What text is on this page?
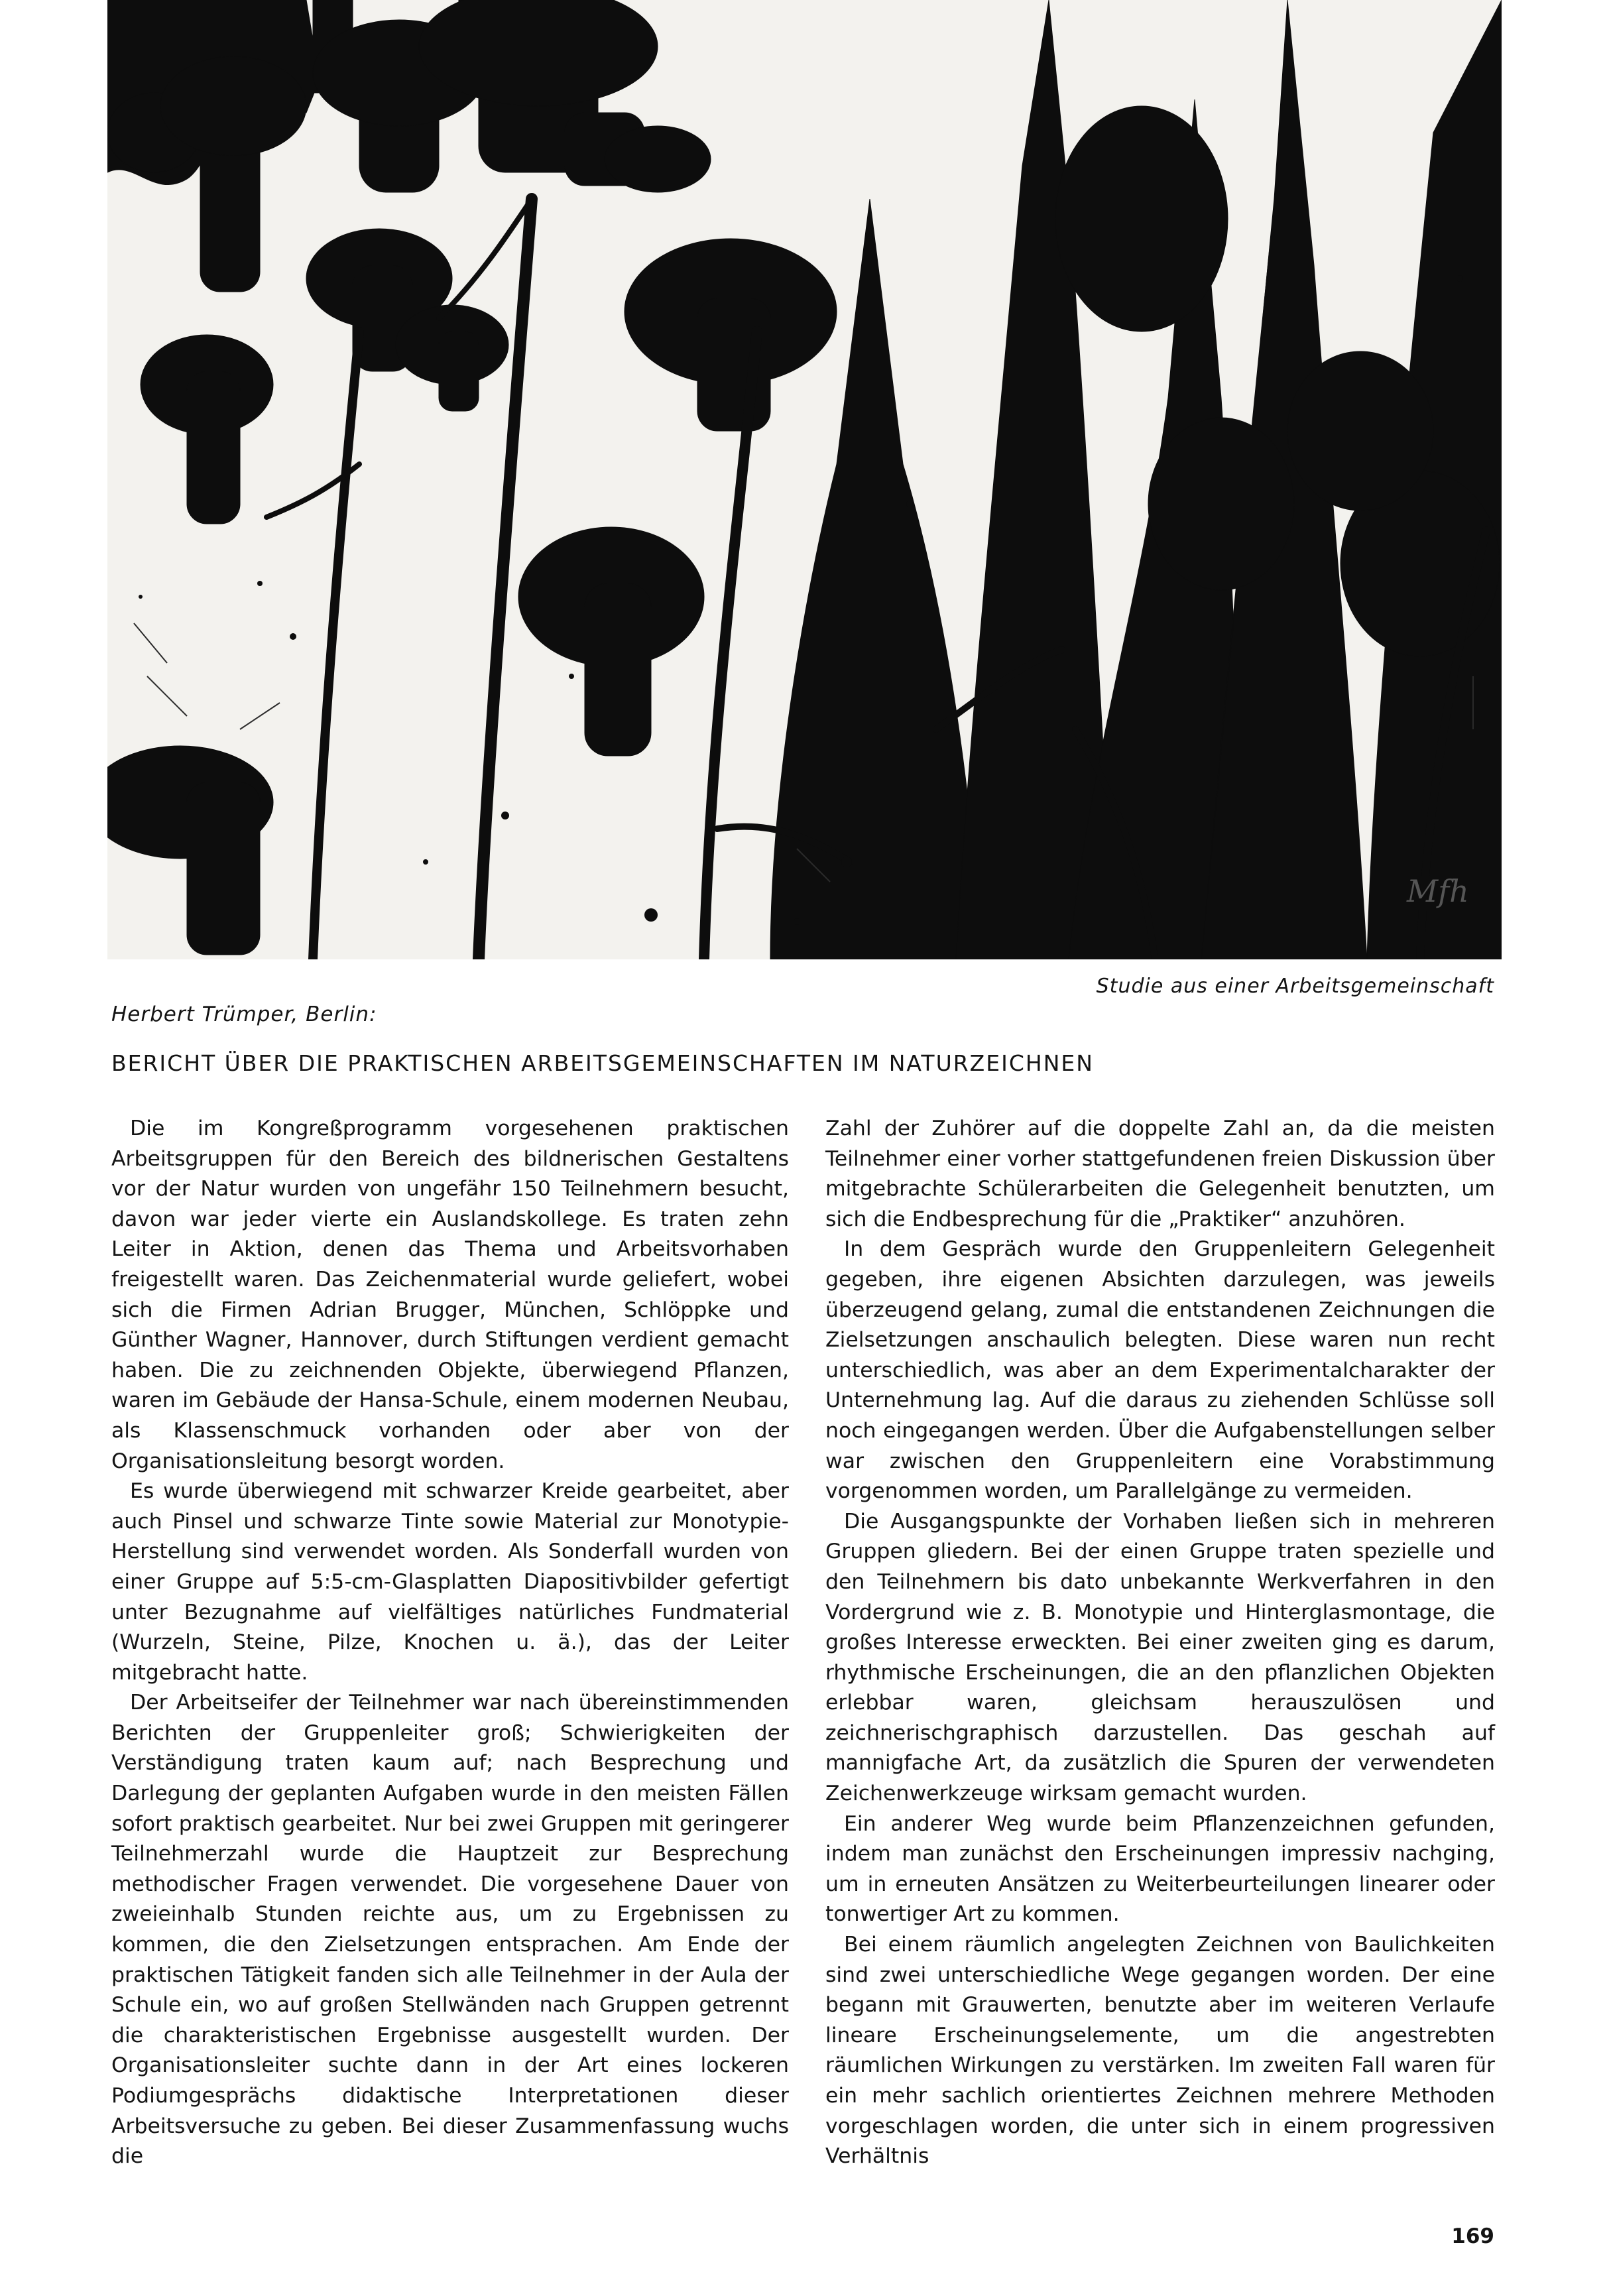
Mfh
Studie aus einer Arbeitsgemeinschaft
Herbert Trümper, Berlin:
BERICHT ÜBER DIE PRAKTISCHEN ARBEITSGEMEINSCHAFTEN IM NATURZEICHNEN

Die im Kongreßprogramm vorgesehenen praktischen Arbeitsgruppen für den Bereich des bildnerischen Gestaltens vor der Natur wurden von ungefähr 150 Teilnehmern besucht, davon war jeder vierte ein Auslandskollege. Es traten zehn Leiter in Aktion, denen das Thema und Arbeitsvorhaben freigestellt waren. Das Zeichenmaterial wurde geliefert, wobei sich die Firmen Adrian Brugger, München, Schlöppke und Günther Wagner, Hannover, durch Stiftungen verdient gemacht haben. Die zu zeichnenden Objekte, überwiegend Pflanzen, waren im Gebäude der Hansa-Schule, einem modernen Neubau, als Klassenschmuck vorhanden oder aber von der Organisationsleitung besorgt worden.

Es wurde überwiegend mit schwarzer Kreide gearbeitet, aber auch Pinsel und schwarze Tinte sowie Material zur Monotypie-Herstellung sind verwendet worden. Als Sonderfall wurden von einer Gruppe auf 5:5-cm-Glasplatten Diapositivbilder gefertigt unter Bezugnahme auf vielfältiges natürliches Fundmaterial (Wurzeln, Steine, Pilze, Knochen u. ä.), das der Leiter mitgebracht hatte.

Der Arbeitseifer der Teilnehmer war nach übereinstimmenden Berichten der Gruppenleiter groß; Schwierigkeiten der Verständigung traten kaum auf; nach Besprechung und Darlegung der geplanten Aufgaben wurde in den meisten Fällen sofort praktisch gearbeitet. Nur bei zwei Gruppen mit geringerer Teilnehmerzahl wurde die Hauptzeit zur Besprechung methodischer Fragen verwendet. Die vorgesehene Dauer von zweieinhalb Stunden reichte aus, um zu Ergebnissen zu kommen, die den Zielsetzungen entsprachen. Am Ende der praktischen Tätigkeit fanden sich alle Teilnehmer in der Aula der Schule ein, wo auf großen Stellwänden nach Gruppen getrennt die charakteristischen Ergebnisse ausgestellt wurden. Der Organisationsleiter suchte dann in der Art eines lockeren Podiumgesprächs didaktische Interpretationen dieser Arbeitsversuche zu geben. Bei dieser Zusammenfassung wuchs die

Zahl der Zuhörer auf die doppelte Zahl an, da die meisten Teilnehmer einer vorher stattgefundenen freien Diskussion über mitgebrachte Schülerarbeiten die Gelegenheit benutzten, um sich die Endbesprechung für die „Praktiker“ anzuhören.

In dem Gespräch wurde den Gruppenleitern Gelegenheit gegeben, ihre eigenen Absichten darzulegen, was jeweils überzeugend gelang, zumal die entstandenen Zeichnungen die Zielsetzungen anschaulich belegten. Diese waren nun recht unterschiedlich, was aber an dem Experimentalcharakter der Unternehmung lag. Auf die daraus zu ziehenden Schlüsse soll noch eingegangen werden. Über die Aufgabenstellungen selber war zwischen den Gruppenleitern eine Vorabstimmung vorgenommen worden, um Parallelgänge zu vermeiden.

Die Ausgangspunkte der Vorhaben ließen sich in mehreren Gruppen gliedern. Bei der einen Gruppe traten spezielle und den Teilnehmern bis dato unbekannte Werkverfahren in den Vordergrund wie z. B. Monotypie und Hinterglasmontage, die großes Interesse erweckten. Bei einer zweiten ging es darum, rhythmische Erscheinungen, die an den pflanzlichen Objekten erlebbar waren, gleichsam herauszulösen und zeichnerischgraphisch darzustellen. Das geschah auf mannigfache Art, da zusätzlich die Spuren der verwendeten Zeichenwerkzeuge wirksam gemacht wurden.

Ein anderer Weg wurde beim Pflanzenzeichnen gefunden, indem man zunächst den Erscheinungen impressiv nachging, um in erneuten Ansätzen zu Weiterbeurteilungen linearer oder tonwertiger Art zu kommen.

Bei einem räumlich angelegten Zeichnen von Baulichkeiten sind zwei unterschiedliche Wege gegangen worden. Der eine begann mit Grauwerten, benutzte aber im weiteren Verlaufe lineare Erscheinungselemente, um die angestrebten räumlichen Wirkungen zu verstärken. Im zweiten Fall waren für ein mehr sachlich orientiertes Zeichnen mehrere Methoden vorgeschlagen worden, die unter sich in einem progressiven Verhältnis

169
